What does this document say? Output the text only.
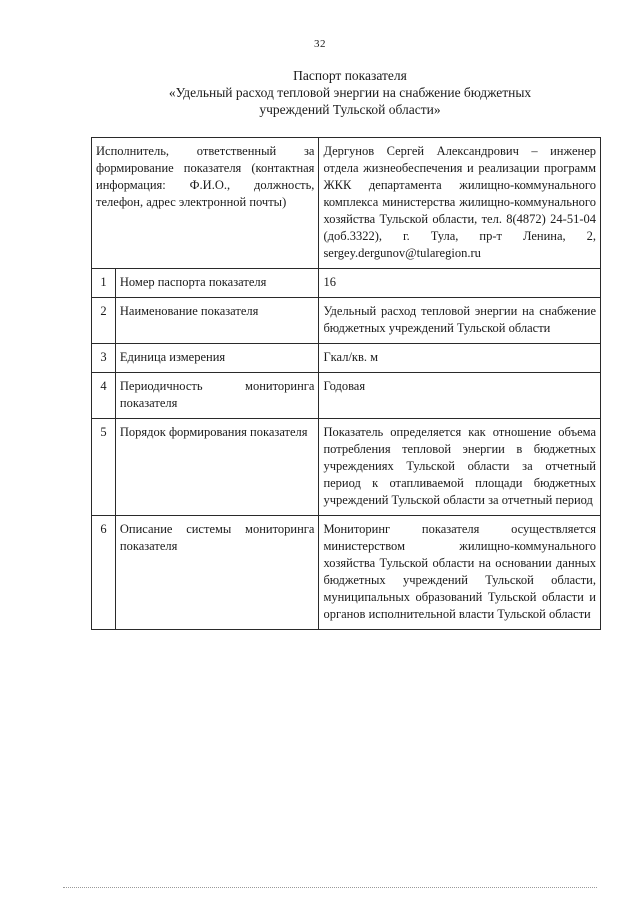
32
Паспорт показателя
«Удельный расход тепловой энергии на снабжение бюджетных
учреждений Тульской области»
Исполнитель, ответственный за формирование показателя (контактная информация: Ф.И.О., должность, телефон, адрес электронной почты)		Дергунов Сергей Александрович – инженер отдела жизнеобеспечения и реализации программ ЖКК департамента жилищно-коммунального комплекса министерства жилищно-коммунального хозяйства Тульской области, тел. 8(4872) 24-51-04 (доб.3322), г. Тула, пр-т Ленина, 2, sergey.dergunov@tularegion.ru
1	Номер паспорта показателя	16
2	Наименование показателя	Удельный расход тепловой энергии на снабжение бюджетных учреждений Тульской области
3	Единица измерения	Гкал/кв. м
4	Периодичность мониторинга показателя	Годовая
5	Порядок формирования показателя	Показатель определяется как отношение объема потребления тепловой энергии в бюджетных учреждениях Тульской области за отчетный период к отапливаемой площади бюджетных учреждений Тульской области за отчетный период
6	Описание системы мониторинга показателя	Мониторинг показателя осуществляется министерством жилищно-коммунального хозяйства Тульской области на основании данных бюджетных учреждений Тульской области, муниципальных образований Тульской области и органов исполнительной власти Тульской области
